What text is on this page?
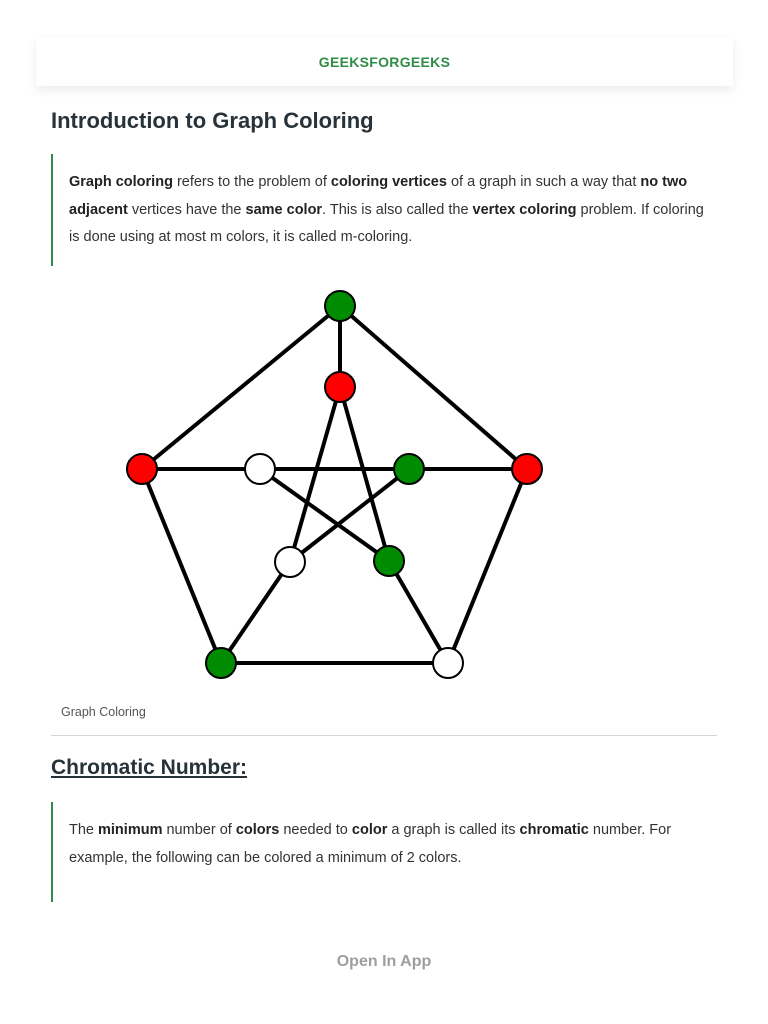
GEEKSFORGEEKS
Introduction to Graph Coloring
Graph coloring refers to the problem of coloring vertices of a graph in such a way that no two adjacent vertices have the same color. This is also called the vertex coloring problem. If coloring is done using at most m colors, it is called m-coloring.
Graph Coloring
Chromatic Number:
The minimum number of colors needed to color a graph is called its chromatic number. For example, the following can be colored a minimum of 2 colors.
Open In App
